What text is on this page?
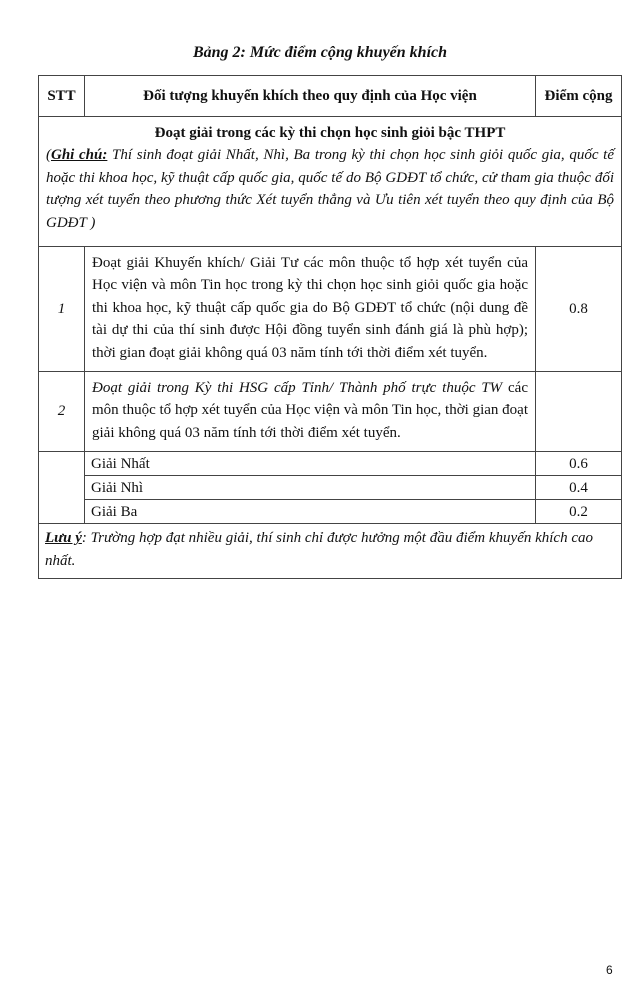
Bảng 2: Mức điểm cộng khuyến khích
STT	Đối tượng khuyến khích theo quy định của Học viện	Điểm cộng

Đoạt giải trong các kỳ thi chọn học sinh giỏi bậc THPT
(Ghi chú: Thí sinh đoạt giải Nhất, Nhì, Ba trong kỳ thi chọn học sinh giỏi quốc gia, quốc tế hoặc thi khoa học, kỹ thuật cấp quốc gia, quốc tế do Bộ GDĐT tổ chức, cử tham gia thuộc đối tượng xét tuyển theo phương thức Xét tuyển thẳng và Ưu tiên xét tuyển theo quy định của Bộ GDĐT )		

1	Đoạt giải Khuyến khích/ Giải Tư các môn thuộc tổ hợp xét tuyển của Học viện và môn Tin học trong kỳ thi chọn học sinh giỏi quốc gia hoặc thi khoa học, kỹ thuật cấp quốc gia do Bộ GDĐT tổ chức (nội dung đề tài dự thi của thí sinh được Hội đồng tuyển sinh đánh giá là phù hợp); thời gian đoạt giải không quá 03 năm tính tới thời điểm xét tuyển.	0.8
2	Đoạt giải trong Kỳ thi HSG cấp Tỉnh/ Thành phố trực thuộc TW các môn thuộc tổ hợp xét tuyển của Học viện và môn Tin học, thời gian đoạt giải không quá 03 năm tính tới thời điểm xét tuyển.	
	Giải Nhất	0.6
	Giải Nhì	0.4
	Giải Ba	0.2
Lưu ý: Trường hợp đạt nhiều giải, thí sinh chỉ được hưởng một đầu điểm khuyến khích cao nhất.		
6
